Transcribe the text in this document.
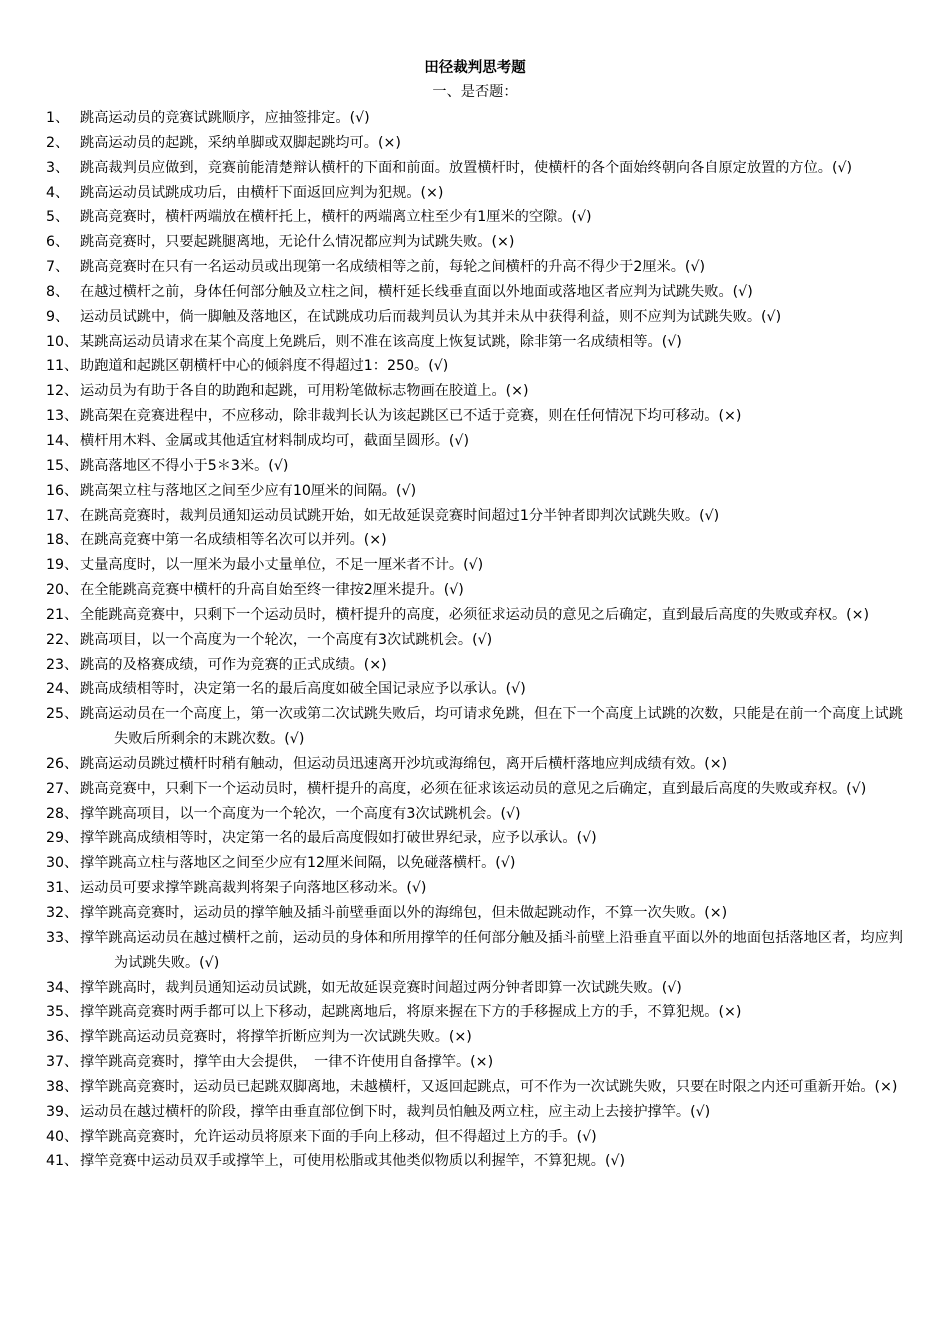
田径裁判思考题
一、是否题：
1、 跳高运动员的竞赛试跳顺序，应抽签排定。(√)
2、 跳高运动员的起跳，采纳单脚或双脚起跳均可。(×)
3、 跳高裁判员应做到，竞赛前能清楚辩认横杆的下面和前面。放置横杆时，使横杆的各个面始终朝向各自原定放置的方位。(√)
4、 跳高运动员试跳成功后，由横杆下面返回应判为犯规。(×)
5、 跳高竞赛时，横杆两端放在横杆托上，横杆的两端离立柱至少有1厘米的空隙。(√)
6、 跳高竞赛时，只要起跳腿离地，无论什么情况都应判为试跳失败。(×)
7、 跳高竞赛时在只有一名运动员或出现第一名成绩相等之前，每轮之间横杆的升高不得少于2厘米。(√)
8、 在越过横杆之前，身体任何部分触及立柱之间，横杆延长线垂直面以外地面或落地区者应判为试跳失败。(√)
9、 运动员试跳中，倘一脚触及落地区，在试跳成功后而裁判员认为其并未从中获得利益，则不应判为试跳失败。(√)
10、 某跳高运动员请求在某个高度上免跳后，则不准在该高度上恢复试跳，除非第一名成绩相等。(√)
11、 助跑道和起跳区朝横杆中心的倾斜度不得超过1：250。(√)
12、 运动员为有助于各自的助跑和起跳，可用粉笔做标志物画在胶道上。(×)
13、 跳高架在竞赛进程中，不应移动，除非裁判长认为该起跳区已不适于竞赛，则在任何情况下均可移动。(×)
14、 横杆用木料、金属或其他适宜材料制成均可，截面呈圆形。(√)
15、 跳高落地区不得小于5＊3米。(√)
16、 跳高架立柱与落地区之间至少应有10厘米的间隔。(√)
17、 在跳高竞赛时，裁判员通知运动员试跳开始，如无故延误竞赛时间超过1分半钟者即判次试跳失败。(√)
18、 在跳高竞赛中第一名成绩相等名次可以并列。(×)
19、 丈量高度时，以一厘米为最小丈量单位，不足一厘米者不计。(√)
20、 在全能跳高竞赛中横杆的升高自始至终一律按2厘米提升。(√)
21、 全能跳高竞赛中，只剩下一个运动员时，横杆提升的高度，必须征求运动员的意见之后确定，直到最后高度的失败或弃权。(×)
22、 跳高项目，以一个高度为一个轮次，一个高度有3次试跳机会。(√)
23、 跳高的及格赛成绩，可作为竞赛的正式成绩。(×)
24、 跳高成绩相等时，决定第一名的最后高度如破全国记录应予以承认。(√)
25、 跳高运动员在一个高度上，第一次或第二次试跳失败后，均可请求免跳，但在下一个高度上试跳的次数，只能是在前一个高度上试跳失败后所剩余的末跳次数。(√)
26、 跳高运动员跳过横杆时稍有触动，但运动员迅速离开沙坑或海绵包，离开后横杆落地应判成绩有效。(×)
27、 跳高竞赛中，只剩下一个运动员时，横杆提升的高度，必须在征求该运动员的意见之后确定，直到最后高度的失败或弃权。(√)
28、 撑竿跳高项目，以一个高度为一个轮次，一个高度有3次试跳机会。(√)
29、 撑竿跳高成绩相等时，决定第一名的最后高度假如打破世界纪录，应予以承认。(√)
30、 撑竿跳高立柱与落地区之间至少应有12厘米间隔，以免碰落横杆。(√)
31、 运动员可要求撑竿跳高裁判将架子向落地区移动米。(√)
32、 撑竿跳高竞赛时，运动员的撑竿触及插斗前壁垂面以外的海绵包，但未做起跳动作，不算一次失败。(×)
33、 撑竿跳高运动员在越过横杆之前，运动员的身体和所用撑竿的任何部分触及插斗前壁上沿垂直平面以外的地面包括落地区者，均应判为试跳失败。(√)
34、 撑竿跳高时，裁判员通知运动员试跳，如无故延误竞赛时间超过两分钟者即算一次试跳失败。(√)
35、 撑竿跳高竞赛时两手都可以上下移动，起跳离地后，将原来握在下方的手移握成上方的手，不算犯规。(×)
36、 撑竿跳高运动员竞赛时，将撑竿折断应判为一次试跳失败。(×)
37、 撑竿跳高竞赛时，撑竿由大会提供，　一律不许使用自备撑竿。(×)
38、 撑竿跳高竞赛时，运动员已起跳双脚离地，未越横杆，又返回起跳点，可不作为一次试跳失败，只要在时限之内还可重新开始。(×)
39、 运动员在越过横杆的阶段，撑竿由垂直部位倒下时，裁判员怕触及两立柱，应主动上去接护撑竿。(√)
40、 撑竿跳高竞赛时，允许运动员将原来下面的手向上移动，但不得超过上方的手。(√)
41、 撑竿竞赛中运动员双手或撑竿上，可使用松脂或其他类似物质以利握竿，不算犯规。(√)
